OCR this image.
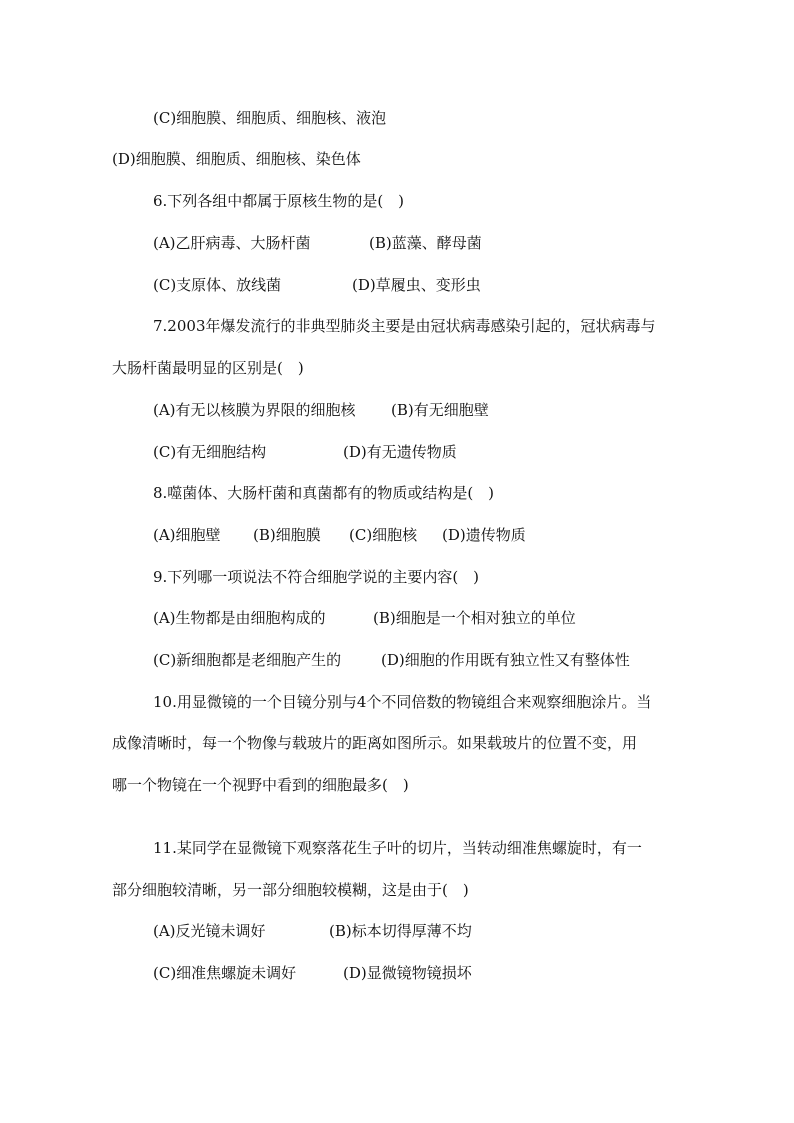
(C)细胞膜、细胞质、细胞核、液泡
(D)细胞膜、细胞质、细胞核、染色体
6.下列各组中都属于原核生物的是(　)
(A)乙肝病毒、大肠杆菌	(B)蓝藻、酵母菌
(C)支原体、放线菌	(D)草履虫、变形虫
7.2003年爆发流行的非典型肺炎主要是由冠状病毒感染引起的，冠状病毒与
大肠杆菌最明显的区别是(　)
(A)有无以核膜为界限的细胞核 (B)有无细胞壁
(C)有无细胞结构	(D)有无遗传物质
8.噬菌体、大肠杆菌和真菌都有的物质或结构是(　)
(A)细胞壁 (B)细胞膜 (C)细胞核 (D)遗传物质
9.下列哪一项说法不符合细胞学说的主要内容(　)
(A)生物都是由细胞构成的	(B)细胞是一个相对独立的单位
(C)新细胞都是老细胞产生的	(D)细胞的作用既有独立性又有整体性
10.用显微镜的一个目镜分别与4个不同倍数的物镜组合来观察细胞涂片。当
成像清晰时，每一个物像与载玻片的距离如图所示。如果载玻片的位置不变，用
哪一个物镜在一个视野中看到的细胞最多(　)
11.某同学在显微镜下观察落花生子叶的切片，当转动细准焦螺旋时，有一
部分细胞较清晰，另一部分细胞较模糊，这是由于(　)
(A)反光镜未调好	(B)标本切得厚薄不均
(C)细准焦螺旋未调好	(D)显微镜物镜损坏
